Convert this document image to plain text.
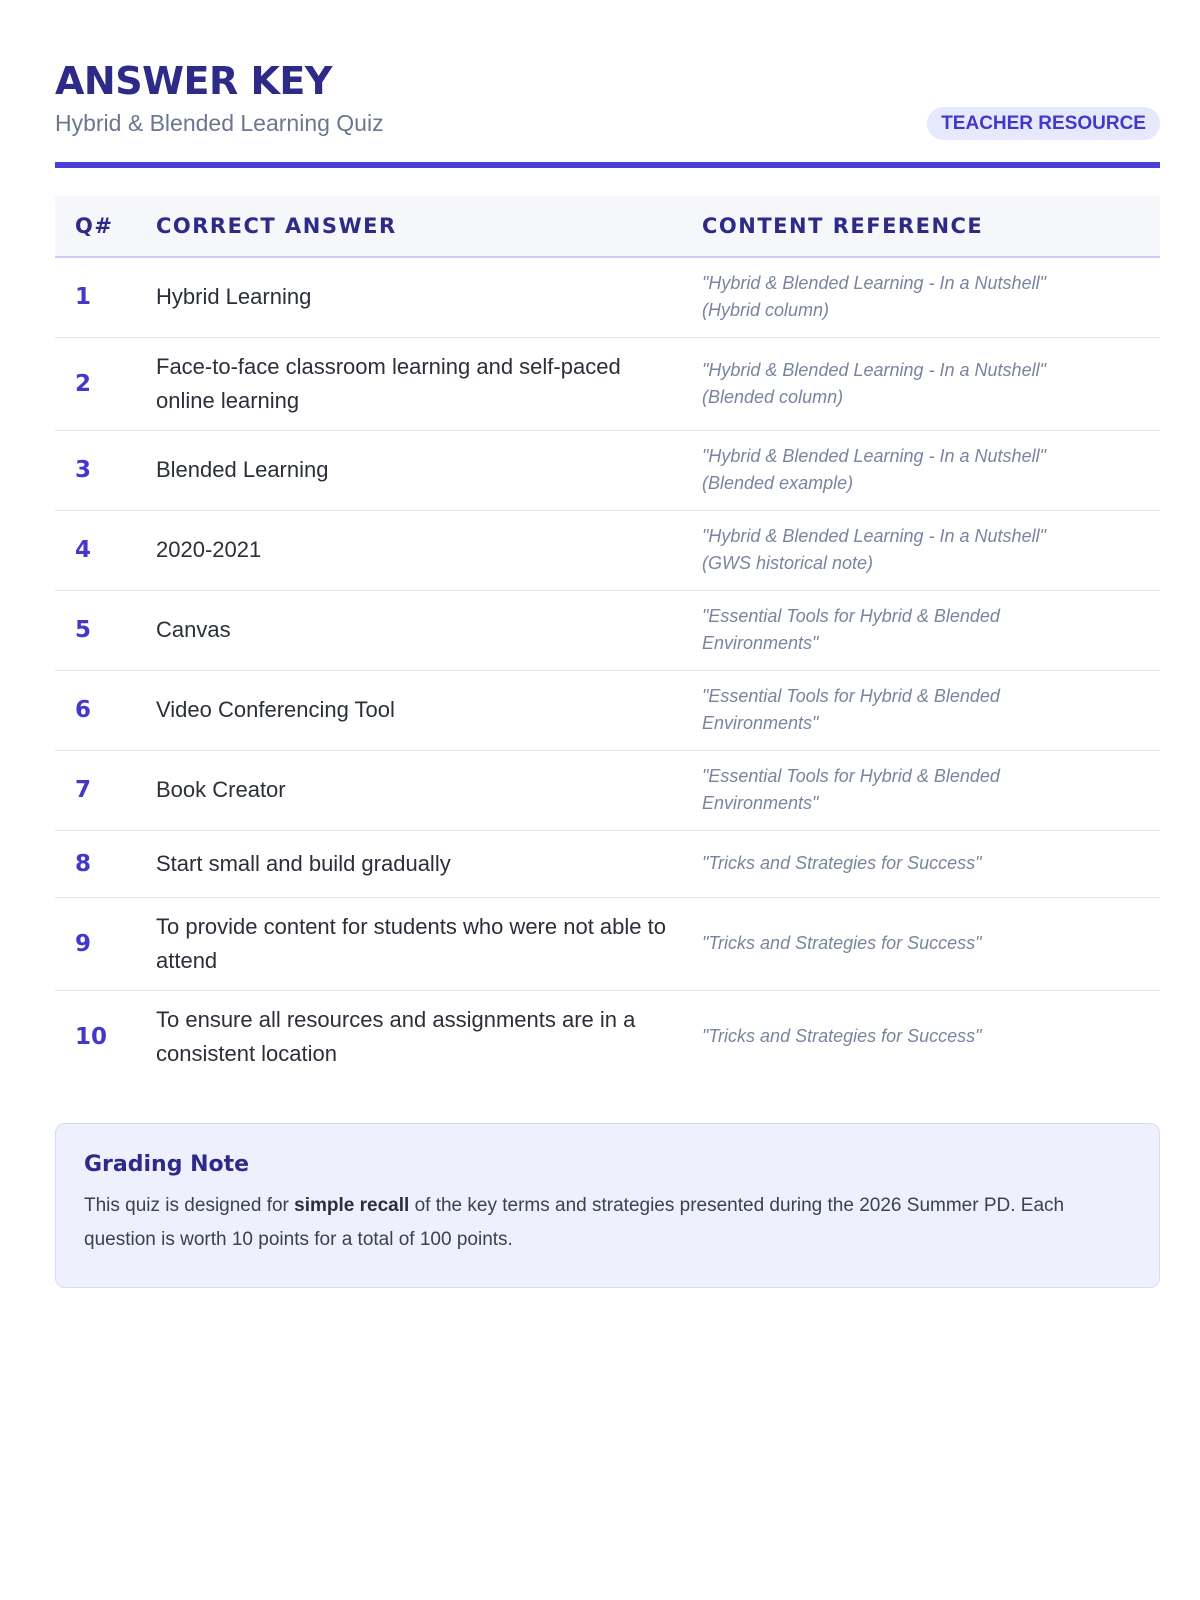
ANSWER KEY
Hybrid & Blended Learning Quiz	TEACHER RESOURCE
Q#	CORRECT ANSWER	CONTENT REFERENCE
1	Hybrid Learning	"Hybrid & Blended Learning - In a Nutshell"
(Hybrid column)
2	Face-to-face classroom learning and self-paced online learning	"Hybrid & Blended Learning - In a Nutshell"
(Blended column)
3	Blended Learning	"Hybrid & Blended Learning - In a Nutshell"
(Blended example)
4	2020-2021	"Hybrid & Blended Learning - In a Nutshell"
(GWS historical note)
5	Canvas	"Essential Tools for Hybrid & Blended
Environments"
6	Video Conferencing Tool	"Essential Tools for Hybrid & Blended
Environments"
7	Book Creator	"Essential Tools for Hybrid & Blended
Environments"
8	Start small and build gradually	"Tricks and Strategies for Success"
9	To provide content for students who were not able to attend	"Tricks and Strategies for Success"
10	To ensure all resources and assignments are in a consistent location	"Tricks and Strategies for Success"
Grading Note
This quiz is designed for simple recall of the key terms and strategies presented during the 2026 Summer PD. Each question is worth 10 points for a total of 100 points.
